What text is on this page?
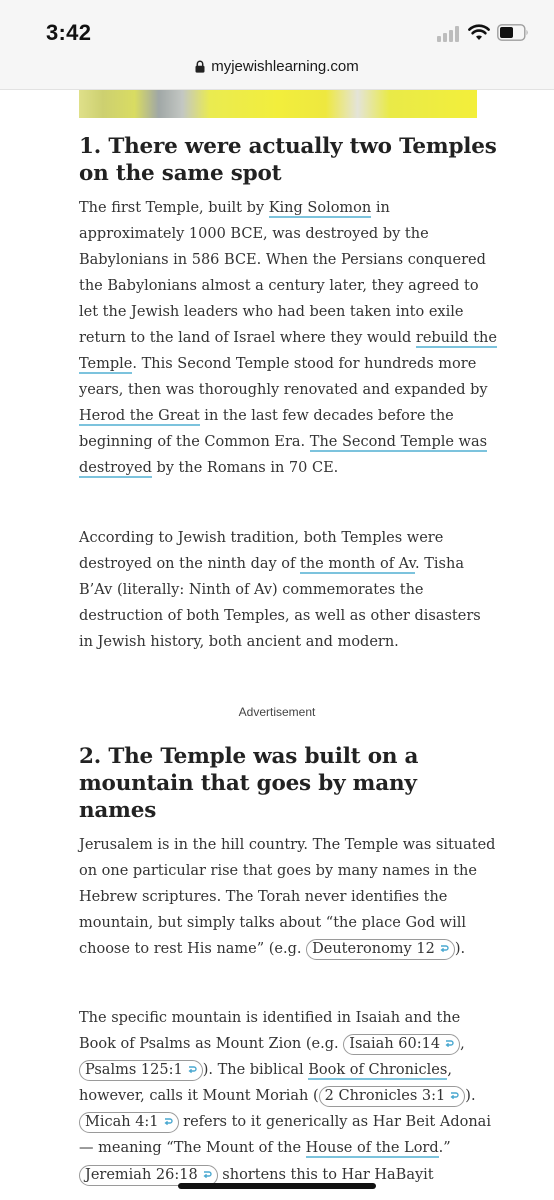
3:42
myjewishlearning.com
1. There were actually two Temples on the same spot

The first Temple, built by King Solomon in approximately 1000 BCE, was destroyed by the Babylonians in 586 BCE. When the Persians conquered the Babylonians almost a century later, they agreed to let the Jewish leaders who had been taken into exile return to the land of Israel where they would rebuild the Temple. This Second Temple stood for hundreds more years, then was thoroughly renovated and expanded by Herod the Great in the last few decades before the beginning of the Common Era. The Second Temple was destroyed by the Romans in 70 CE.

According to Jewish tradition, both Temples were destroyed on the ninth day of the month of Av. Tisha B’Av (literally: Ninth of Av) commemorates the destruction of both Temples, as well as other disasters in Jewish history, both ancient and modern.

Advertisement
2. The Temple was built on a mountain that goes by many names

Jerusalem is in the hill country. The Temple was situated on one particular rise that goes by many names in the Hebrew scriptures. The Torah never identifies the mountain, but simply talks about “the place God will choose to rest His name” (e.g. Deuteronomy 12 ).

The specific mountain is identified in Isaiah and the Book of Psalms as Mount Zion (e.g. Isaiah 60:14 , Psalms 125:1 ). The biblical Book of Chronicles, however, calls it Mount Moriah ( 2 Chronicles 3:1 ). Micah 4:1 refers to it generically as Har Beit Adonai — meaning “The Mount of the House of the Lord.”

Jeremiah 26:18 shortens this to Har HaBayit
